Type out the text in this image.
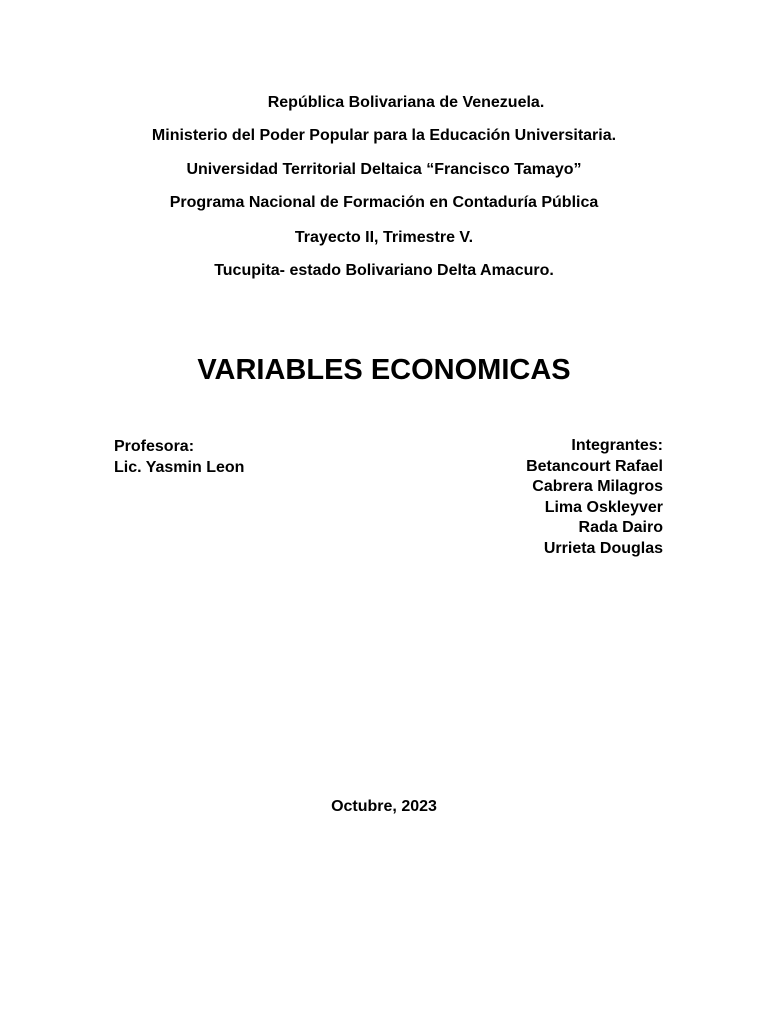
República Bolivariana de Venezuela.
Ministerio del Poder Popular para la Educación Universitaria.
Universidad Territorial Deltaica “Francisco Tamayo”
Programa Nacional de Formación en Contaduría Pública
Trayecto II, Trimestre V.
Tucupita- estado Bolivariano Delta Amacuro.
VARIABLES ECONOMICAS
Profesora:
Lic. Yasmin Leon
Integrantes:
Betancourt Rafael
Cabrera Milagros
Lima Oskleyver
Rada Dairo
Urrieta Douglas
Octubre, 2023
